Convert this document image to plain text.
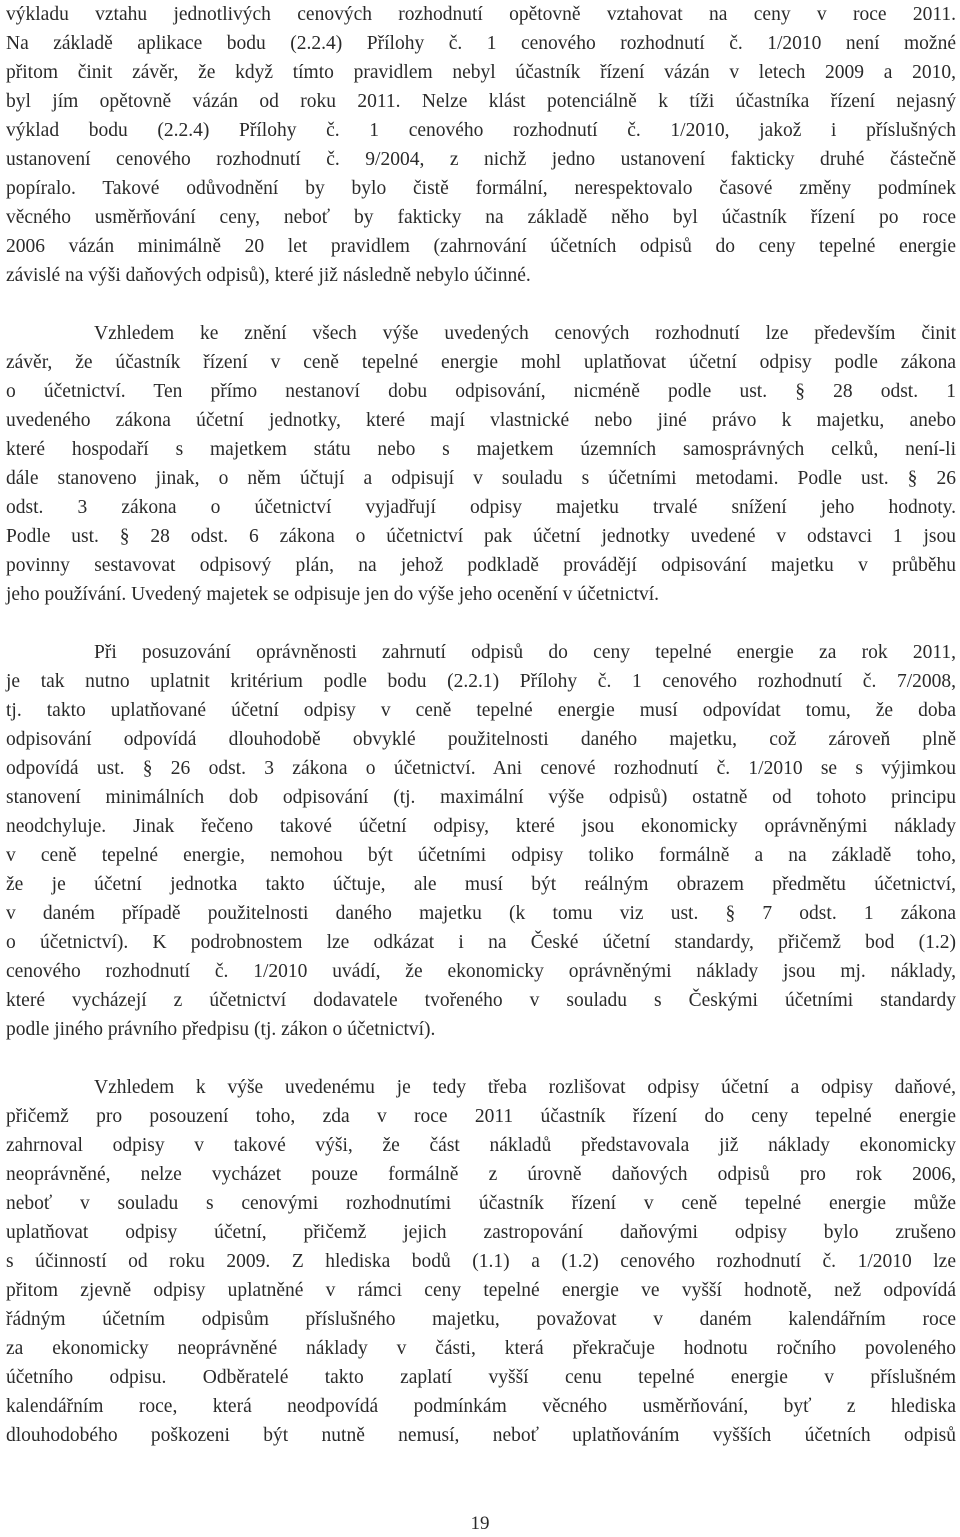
výkladu vztahu jednotlivých cenových rozhodnutí opětovně vztahovat na ceny v roce 2011.
Na základě aplikace bodu (2.2.4) Přílohy č. 1 cenového rozhodnutí č. 1/2010 není možné
přitom činit závěr, že když tímto pravidlem nebyl účastník řízení vázán v letech 2009 a 2010,
byl jím opětovně vázán od roku 2011. Nelze klást potenciálně k tíži účastníka řízení nejasný
výklad bodu (2.2.4) Přílohy č. 1 cenového rozhodnutí č. 1/2010, jakož i příslušných
ustanovení cenového rozhodnutí č. 9/2004, z nichž jedno ustanovení fakticky druhé částečně
popíralo. Takové odůvodnění by bylo čistě formální, nerespektovalo časové změny podmínek
věcného usměrňování ceny, neboť by fakticky na základě něho byl účastník řízení po roce
2006 vázán minimálně 20 let pravidlem (zahrnování účetních odpisů do ceny tepelné energie
závislé na výši daňových odpisů), které již následně nebylo účinné.
Vzhledem ke znění všech výše uvedených cenových rozhodnutí lze především činit
závěr, že účastník řízení v ceně tepelné energie mohl uplatňovat účetní odpisy podle zákona
o účetnictví. Ten přímo nestanoví dobu odpisování, nicméně podle ust. § 28 odst. 1
uvedeného zákona účetní jednotky, které mají vlastnické nebo jiné právo k majetku, anebo
které hospodaří s majetkem státu nebo s majetkem územních samosprávných celků, není-li
dále stanoveno jinak, o něm účtují a odpisují v souladu s účetními metodami. Podle ust. § 26
odst. 3 zákona o účetnictví vyjadřují odpisy majetku trvalé snížení jeho hodnoty.
Podle ust. § 28 odst. 6 zákona o účetnictví pak účetní jednotky uvedené v odstavci 1 jsou
povinny sestavovat odpisový plán, na jehož podkladě provádějí odpisování majetku v průběhu
jeho používání. Uvedený majetek se odpisuje jen do výše jeho ocenění v účetnictví.
Při posuzování oprávněnosti zahrnutí odpisů do ceny tepelné energie za rok 2011,
je tak nutno uplatnit kritérium podle bodu (2.2.1) Přílohy č. 1 cenového rozhodnutí č. 7/2008,
tj. takto uplatňované účetní odpisy v ceně tepelné energie musí odpovídat tomu, že doba
odpisování odpovídá dlouhodobě obvyklé použitelnosti daného majetku, což zároveň plně
odpovídá ust. § 26 odst. 3 zákona o účetnictví. Ani cenové rozhodnutí č. 1/2010 se s výjimkou
stanovení minimálních dob odpisování (tj. maximální výše odpisů) ostatně od tohoto principu
neodchyluje. Jinak řečeno takové účetní odpisy, které jsou ekonomicky oprávněnými náklady
v ceně tepelné energie, nemohou být účetními odpisy toliko formálně a na základě toho,
že je účetní jednotka takto účtuje, ale musí být reálným obrazem předmětu účetnictví,
v daném případě použitelnosti daného majetku (k tomu viz ust. § 7 odst. 1 zákona
o účetnictví). K podrobnostem lze odkázat i na České účetní standardy, přičemž bod (1.2)
cenového rozhodnutí č. 1/2010 uvádí, že ekonomicky oprávněnými náklady jsou mj. náklady,
které vycházejí z účetnictví dodavatele tvořeného v souladu s Českými účetními standardy
podle jiného právního předpisu (tj. zákon o účetnictví).
Vzhledem k výše uvedenému je tedy třeba rozlišovat odpisy účetní a odpisy daňové,
přičemž pro posouzení toho, zda v roce 2011 účastník řízení do ceny tepelné energie
zahrnoval odpisy v takové výši, že část nákladů představovala již náklady ekonomicky
neoprávněné, nelze vycházet pouze formálně z úrovně daňových odpisů pro rok 2006,
neboť v souladu s cenovými rozhodnutími účastník řízení v ceně tepelné energie může
uplatňovat odpisy účetní, přičemž jejich zastropování daňovými odpisy bylo zrušeno
s účinností od roku 2009. Z hlediska bodů (1.1) a (1.2) cenového rozhodnutí č. 1/2010 lze
přitom zjevně odpisy uplatněné v rámci ceny tepelné energie ve vyšší hodnotě, než odpovídá
řádným účetním odpisům příslušného majetku, považovat v daném kalendářním roce
za ekonomicky neoprávněné náklady v části, která překračuje hodnotu ročního povoleného
účetního odpisu. Odběratelé takto zaplatí vyšší cenu tepelné energie v příslušném
kalendářním roce, která neodpovídá podmínkám věcného usměrňování, byť z hlediska
dlouhodobého poškozeni být nutně nemusí, neboť uplatňováním vyšších účetních odpisů
19
